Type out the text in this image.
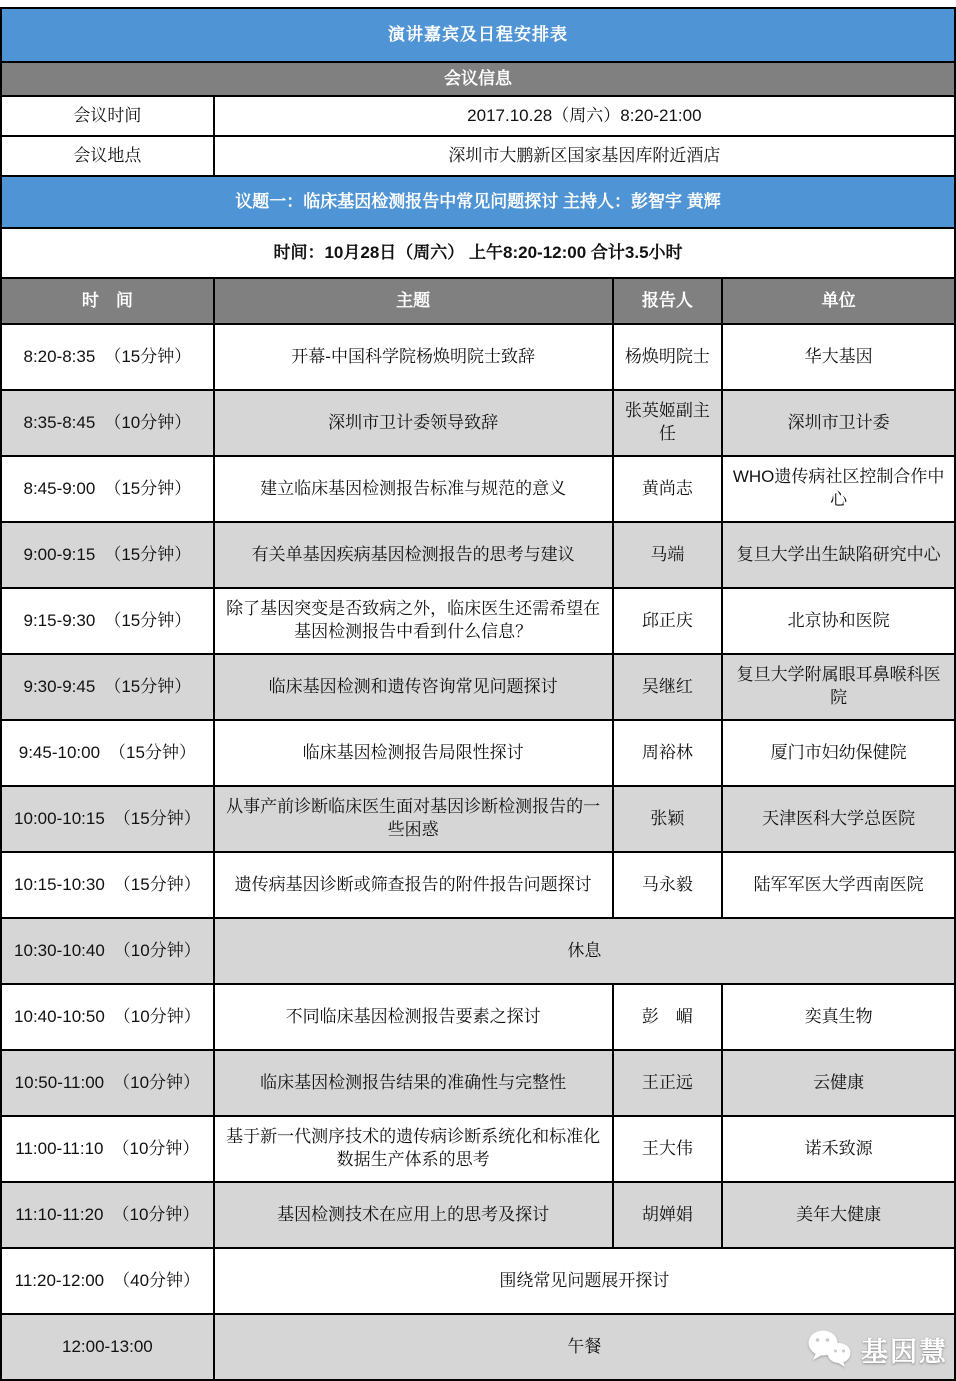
演讲嘉宾及日程安排表			
会议信息			
会议时间	2017.10.28（周六）8:20-21:00		
会议地点	深圳市大鹏新区国家基因库附近酒店		
议题一：临床基因检测报告中常见问题探讨 主持人：彭智宇 黄辉			
时间：10月28日（周六） 上午8:20-12:00 合计3.5小时			
时　间	主题	报告人	单位
8:20-8:35 （15分钟）	开幕-中国科学院杨焕明院士致辞	杨焕明院士	华大基因
8:35-8:45 （10分钟）	深圳市卫计委领导致辞	张英姬副主任	深圳市卫计委
8:45-9:00 （15分钟）	建立临床基因检测报告标准与规范的意义	黄尚志	WHO遗传病社区控制合作中心
9:00-9:15 （15分钟）	有关单基因疾病基因检测报告的思考与建议	马端	复旦大学出生缺陷研究中心
9:15-9:30 （15分钟）	除了基因突变是否致病之外，临床医生还需希望在基因检测报告中看到什么信息？	邱正庆	北京协和医院
9:30-9:45 （15分钟）	临床基因检测和遗传咨询常见问题探讨	吴继红	复旦大学附属眼耳鼻喉科医院
9:45-10:00 （15分钟）	临床基因检测报告局限性探讨	周裕林	厦门市妇幼保健院
10:00-10:15 （15分钟）	从事产前诊断临床医生面对基因诊断检测报告的一些困惑	张颖	天津医科大学总医院
10:15-10:30 （15分钟）	遗传病基因诊断或筛查报告的附件报告问题探讨	马永毅	陆军军医大学西南医院
10:30-10:40 （10分钟）	休息		
10:40-10:50 （10分钟）	不同临床基因检测报告要素之探讨	彭　嵋	奕真生物
10:50-11:00 （10分钟）	临床基因检测报告结果的准确性与完整性	王正远	云健康
11:00-11:10 （10分钟）	基于新一代测序技术的遗传病诊断系统化和标准化数据生产体系的思考	王大伟	诺禾致源
11:10-11:20 （10分钟）	基因检测技术在应用上的思考及探讨	胡婵娟	美年大健康
11:20-12:00 （40分钟）	围绕常见问题展开探讨		
12:00-13:00	午餐			基因慧
